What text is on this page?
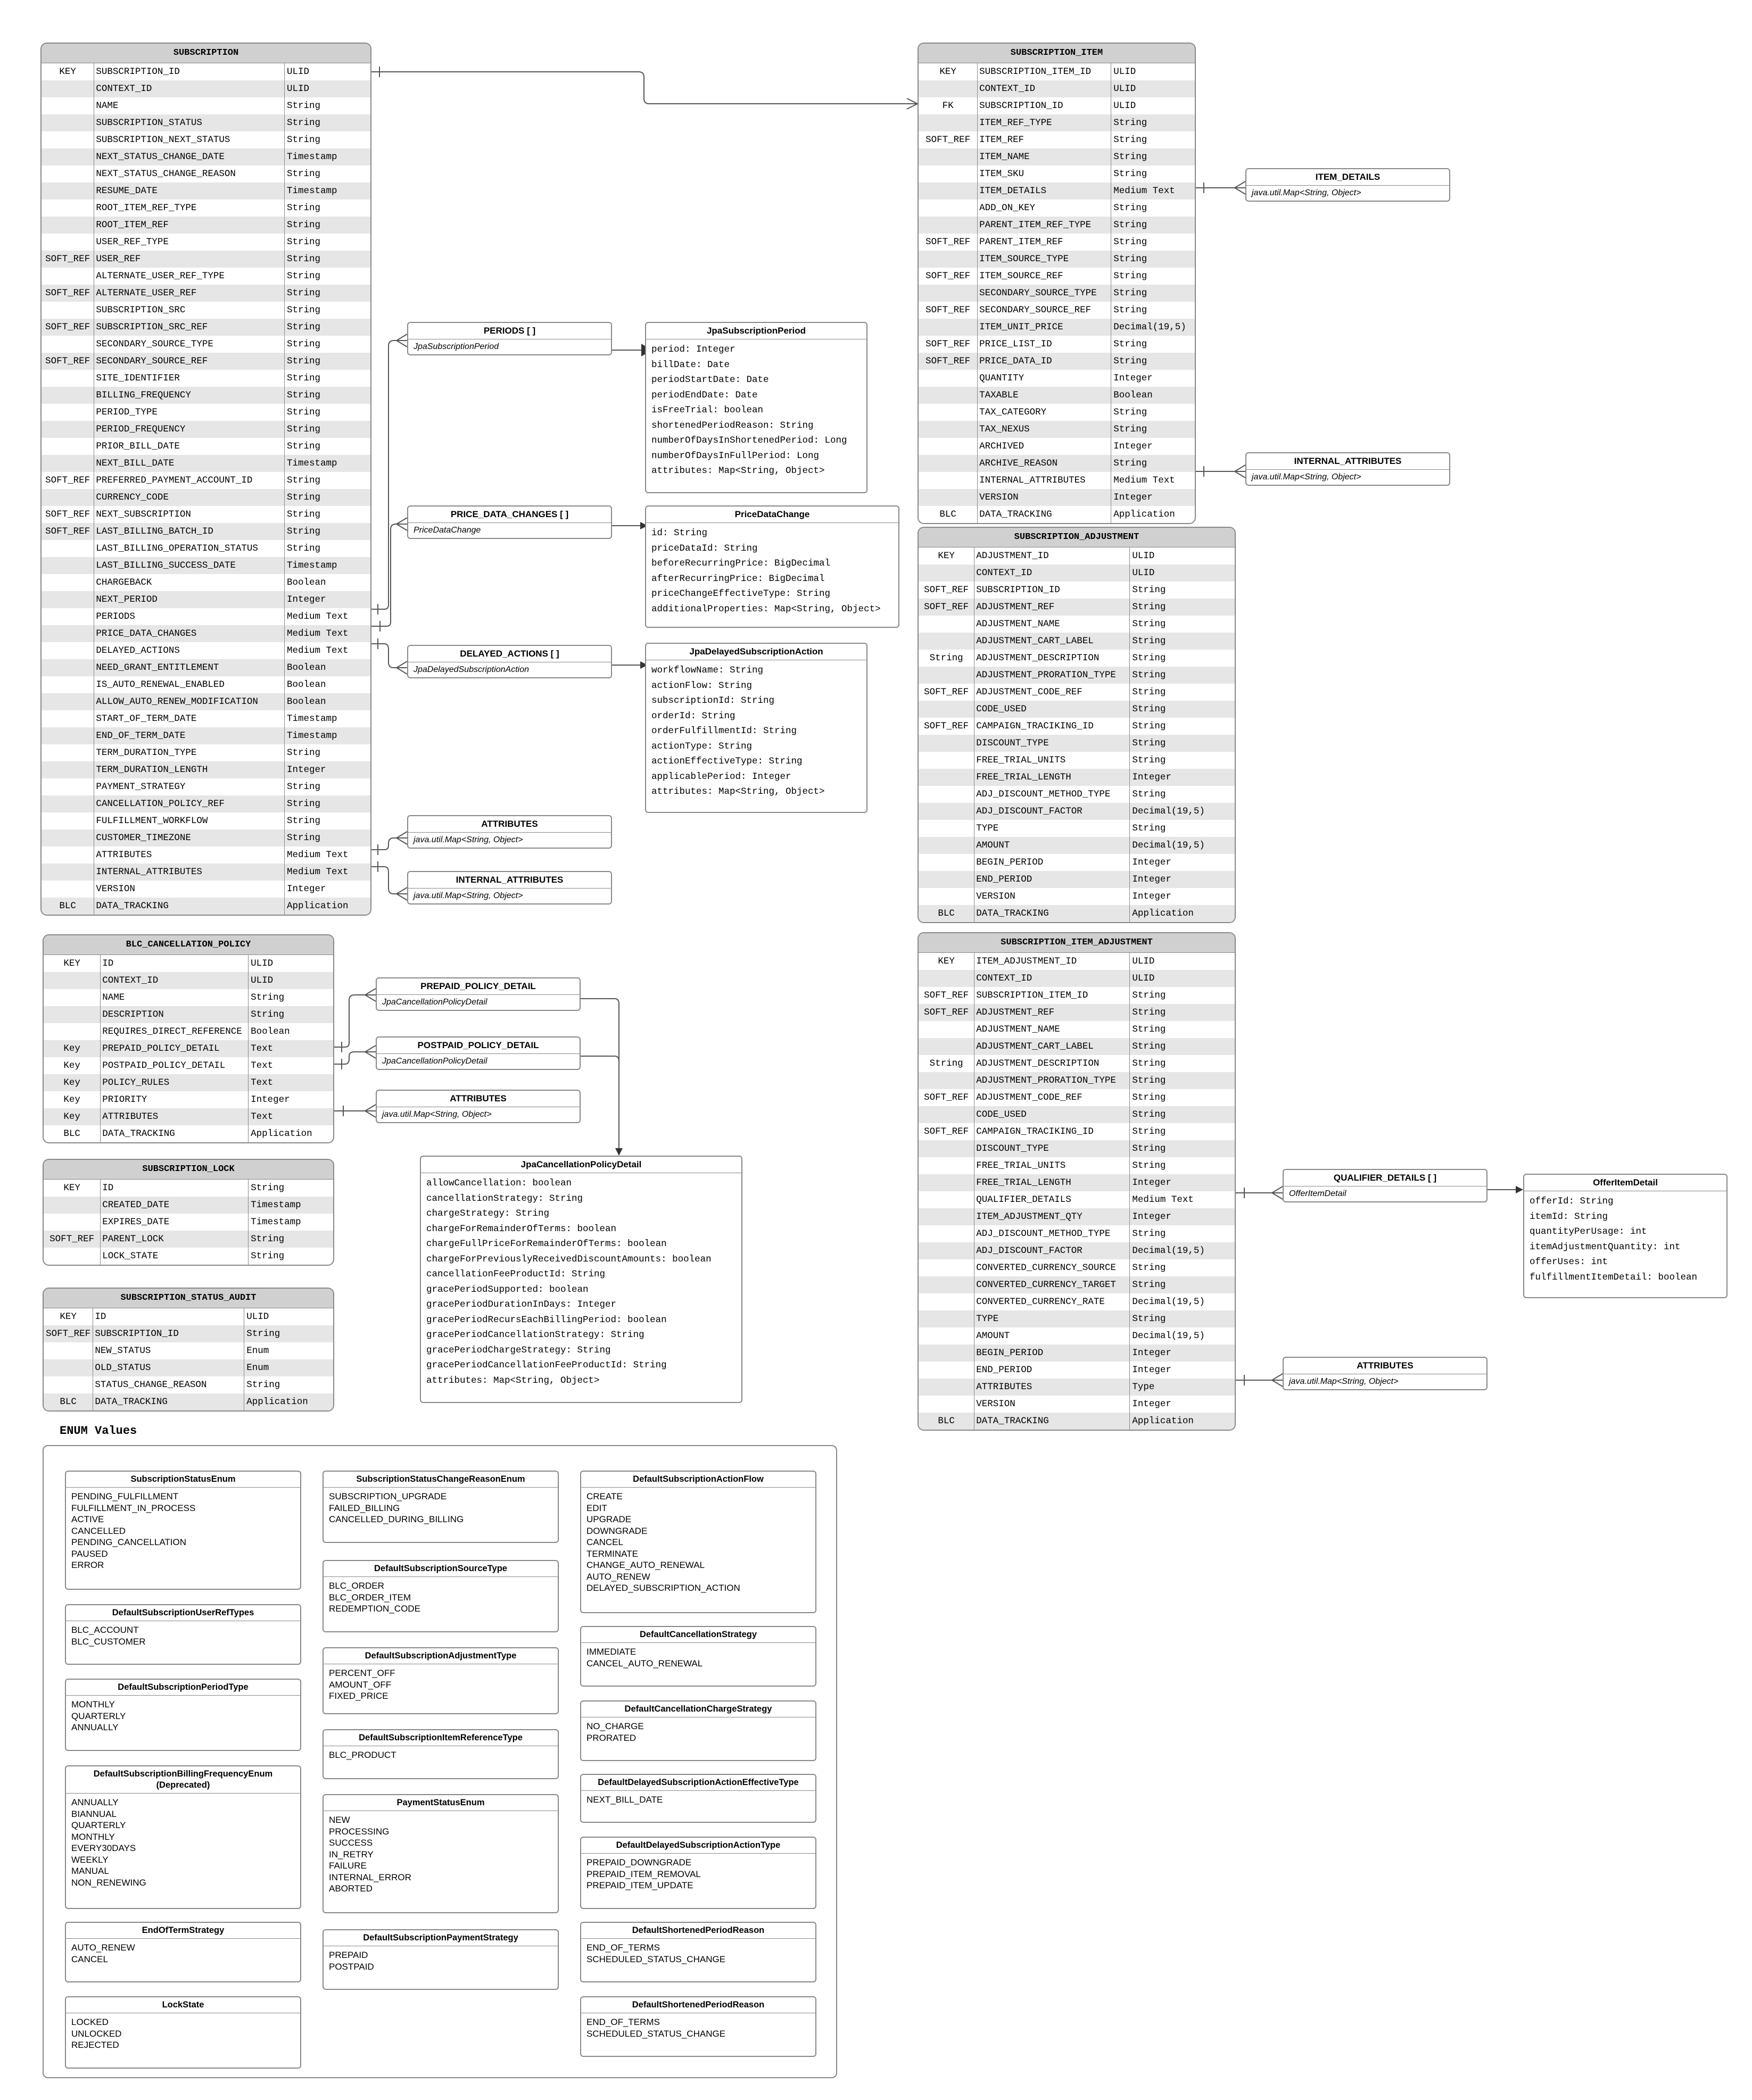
SUBSCRIPTION
KEY	SUBSCRIPTION_ID	ULID
CONTEXT_ID	ULID
NAME	String
SUBSCRIPTION_STATUS	String
SUBSCRIPTION_NEXT_STATUS	String
NEXT_STATUS_CHANGE_DATE	Timestamp
NEXT_STATUS_CHANGE_REASON	String
RESUME_DATE	Timestamp
ROOT_ITEM_REF_TYPE	String
ROOT_ITEM_REF	String
USER_REF_TYPE	String
SOFT_REF USER_REF	String
ALTERNATE_USER_REF_TYPE	String
SOFT_REF ALTERNATE_USER_REF	String
SUBSCRIPTION_SRC	String
SOFT_REF SUBSCRIPTION_SRC_REF	String
SECONDARY_SOURCE_TYPE	String
SOFT_REF SECONDARY_SOURCE_REF	String
SITE_IDENTIFIER	String
BILLING_FREQUENCY	String
PERIOD_TYPE	String
PERIOD_FREQUENCY	String
PRIOR_BILL_DATE	String
NEXT_BILL_DATE	Timestamp
SOFT_REF PREFERRED_PAYMENT_ACCOUNT_ID	String
CURRENCY_CODE	String
SOFT_REF NEXT_SUBSCRIPTION	String
SOFT_REF LAST_BILLING_BATCH_ID	String
LAST_BILLING_OPERATION_STATUS	String
LAST_BILLING_SUCCESS_DATE	Timestamp
CHARGEBACK	Boolean
NEXT_PERIOD	Integer
PERIODS	Medium Text
PRICE_DATA_CHANGES	Medium Text
DELAYED_ACTIONS	Medium Text
NEED_GRANT_ENTITLEMENT	Boolean
IS_AUTO_RENEWAL_ENABLED	Boolean
ALLOW_AUTO_RENEW_MODIFICATION	Boolean
START_OF_TERM_DATE	Timestamp
END_OF_TERM_DATE	Timestamp
TERM_DURATION_TYPE	String
TERM_DURATION_LENGTH	Integer
PAYMENT_STRATEGY	String
CANCELLATION_POLICY_REF	String
FULFILLMENT_WORKFLOW	String
CUSTOMER_TIMEZONE	String
ATTRIBUTES	Medium Text
INTERNAL_ATTRIBUTES	Medium Text
VERSION	Integer
BLC	DATA_TRACKING	Application
SUBSCRIPTION_ITEM
KEY	SUBSCRIPTION_ITEM_ID	ULID
CONTEXT_ID	ULID
FK	SUBSCRIPTION_ID	ULID
ITEM_REF_TYPE	String
SOFT_REF ITEM_REF	String
ITEM_NAME	String
ITEM_SKU	String
ITEM_DETAILS	Medium Text
ADD_ON_KEY	String
PARENT_ITEM_REF_TYPE	String
SOFT_REF PARENT_ITEM_REF	String
ITEM_SOURCE_TYPE	String
SOFT_REF ITEM_SOURCE_REF	String
SECONDARY_SOURCE_TYPE	String
SOFT_REF SECONDARY_SOURCE_REF	String
ITEM_UNIT_PRICE	Decimal(19,5)
SOFT_REF PRICE_LIST_ID	String
SOFT_REF PRICE_DATA_ID	String
QUANTITY	Integer
TAXABLE	Boolean
TAX_CATEGORY	String
TAX_NEXUS	String
ARCHIVED	Integer
ARCHIVE_REASON	String
INTERNAL_ATTRIBUTES	Medium Text
VERSION	Integer
BLC	DATA_TRACKING	Application
SUBSCRIPTION_ADJUSTMENT
KEY	ADJUSTMENT_ID	ULID
CONTEXT_ID	ULID
SOFT_REF SUBSCRIPTION_ID	String
SOFT_REF ADJUSTMENT_REF	String
ADJUSTMENT_NAME	String
ADJUSTMENT_CART_LABEL	String
String	ADJUSTMENT_DESCRIPTION	String
ADJUSTMENT_PRORATION_TYPE	String
SOFT_REF ADJUSTMENT_CODE_REF	String
CODE_USED	String
SOFT_REF CAMPAIGN_TRACIKING_ID	String
DISCOUNT_TYPE	String
FREE_TRIAL_UNITS	String
FREE_TRIAL_LENGTH	Integer
ADJ_DISCOUNT_METHOD_TYPE	String
ADJ_DISCOUNT_FACTOR	Decimal(19,5)
TYPE	String
AMOUNT	Decimal(19,5)
BEGIN_PERIOD	Integer
END_PERIOD	Integer
VERSION	Integer
BLC	DATA_TRACKING	Application
SUBSCRIPTION_ITEM_ADJUSTMENT
KEY	ITEM_ADJUSTMENT_ID	ULID
CONTEXT_ID	ULID
SOFT_REF SUBSCRIPTION_ITEM_ID	String
SOFT_REF ADJUSTMENT_REF	String
ADJUSTMENT_NAME	String
ADJUSTMENT_CART_LABEL	String
String	ADJUSTMENT_DESCRIPTION	String
ADJUSTMENT_PRORATION_TYPE	String
SOFT_REF ADJUSTMENT_CODE_REF	String
CODE_USED	String
SOFT_REF CAMPAIGN_TRACIKING_ID	String
DISCOUNT_TYPE	String
FREE_TRIAL_UNITS	String
FREE_TRIAL_LENGTH	Integer
QUALIFIER_DETAILS	Medium Text
ITEM_ADJUSTMENT_QTY	Integer
ADJ_DISCOUNT_METHOD_TYPE	String
ADJ_DISCOUNT_FACTOR	Decimal(19,5)
CONVERTED_CURRENCY_SOURCE	String
CONVERTED_CURRENCY_TARGET	String
CONVERTED_CURRENCY_RATE	Decimal(19,5)
TYPE	String
AMOUNT	Decimal(19,5)
BEGIN_PERIOD	Integer
END_PERIOD	Integer
ATTRIBUTES	Type
VERSION	Integer
BLC	DATA_TRACKING	Application
BLC_CANCELLATION_POLICY
KEY	ID	ULID
CONTEXT_ID	ULID
NAME	String
DESCRIPTION	String
REQUIRES_DIRECT_REFERENCE Boolean
Key	PREPAID_POLICY_DETAIL	Text
Key	POSTPAID_POLICY_DETAIL	Text
Key	POLICY_RULES	Text
Key	PRIORITY	Integer
Key	ATTRIBUTES	Text
BLC	DATA_TRACKING	Application
SUBSCRIPTION_LOCK
KEY	ID	String
CREATED_DATE	Timestamp
EXPIRES_DATE	Timestamp
SOFT_REF PARENT_LOCK	String
LOCK_STATE	String
SUBSCRIPTION_STATUS_AUDIT
KEY	ID	ULID
SOFT_REF SUBSCRIPTION_ID	String
NEW_STATUS	Enum
OLD_STATUS	Enum
STATUS_CHANGE_REASON	String
BLC	DATA_TRACKING	Application
PERIODS [ ]
JpaSubscriptionPeriod
PRICE_DATA_CHANGES [ ]
PriceDataChange
DELAYED_ACTIONS [ ]
JpaDelayedSubscriptionAction
ATTRIBUTES
java.util.Map<String, Object>
INTERNAL_ATTRIBUTES
java.util.Map<String, Object>
ITEM_DETAILS
java.util.Map<String, Object>
INTERNAL_ATTRIBUTES
java.util.Map<String, Object>
PREPAID_POLICY_DETAIL
JpaCancellationPolicyDetail
POSTPAID_POLICY_DETAIL
JpaCancellationPolicyDetail
ATTRIBUTES
java.util.Map<String, Object>
QUALIFIER_DETAILS [ ]
OfferItemDetail
ATTRIBUTES
java.util.Map<String, Object>
JpaSubscriptionPeriod
period: Integer
billDate: Date
periodStartDate: Date
periodEndDate: Date
isFreeTrial: boolean
shortenedPeriodReason: String
numberOfDaysInShortenedPeriod: Long
numberOfDaysInFullPeriod: Long
attributes: Map<String, Object>
PriceDataChange
id: String
priceDataId: String
beforeRecurringPrice: BigDecimal
afterRecurringPrice: BigDecimal
priceChangeEffectiveType: String
additionalProperties: Map<String, Object>
JpaDelayedSubscriptionAction
workflowName: String
actionFlow: String
subscriptionId: String
orderId: String
orderFulfillmentId: String
actionType: String
actionEffectiveType: String
applicablePeriod: Integer
attributes: Map<String, Object>
JpaCancellationPolicyDetail
allowCancellation: boolean
cancellationStrategy: String
chargeStrategy: String
chargeForRemainderOfTerms: boolean
chargeFullPriceForRemainderOfTerms: boolean
chargeForPreviouslyReceivedDiscountAmounts: boolean
cancellationFeeProductId: String
gracePeriodSupported: boolean
gracePeriodDurationInDays: Integer
gracePeriodRecursEachBillingPeriod: boolean
gracePeriodCancellationStrategy: String
gracePeriodChargeStrategy: String
gracePeriodCancellationFeeProductId: String
attributes: Map<String, Object>
OfferItemDetail
offerId: String
itemId: String
quantityPerUsage: int
itemAdjustmentQuantity: int
offerUses: int
fulfillmentItemDetail: boolean
ENUM Values
SubscriptionStatusEnum
PENDING_FULFILLMENT
FULFILLMENT_IN_PROCESS
ACTIVE
CANCELLED
PENDING_CANCELLATION
PAUSED
ERROR
DefaultSubscriptionUserRefTypes
BLC_ACCOUNT
BLC_CUSTOMER
DefaultSubscriptionPeriodType
MONTHLY
QUARTERLY
ANNUALLY
DefaultSubscriptionBillingFrequencyEnum (Deprecated)
ANNUALLY
BIANNUAL
QUARTERLY
MONTHLY
EVERY30DAYS
WEEKLY
MANUAL
NON_RENEWING
EndOfTermStrategy
AUTO_RENEW
CANCEL
LockState
LOCKED
UNLOCKED
REJECTED
SubscriptionStatusChangeReasonEnum
SUBSCRIPTION_UPGRADE
FAILED_BILLING
CANCELLED_DURING_BILLING
DefaultSubscriptionSourceType
BLC_ORDER
BLC_ORDER_ITEM
REDEMPTION_CODE
DefaultSubscriptionAdjustmentType
PERCENT_OFF
AMOUNT_OFF
FIXED_PRICE
DefaultSubscriptionItemReferenceType
BLC_PRODUCT
PaymentStatusEnum
NEW
PROCESSING
SUCCESS
IN_RETRY
FAILURE
INTERNAL_ERROR
ABORTED
DefaultSubscriptionPaymentStrategy
PREPAID
POSTPAID
DefaultSubscriptionActionFlow
CREATE
EDIT
UPGRADE
DOWNGRADE
CANCEL
TERMINATE
CHANGE_AUTO_RENEWAL
AUTO_RENEW
DELAYED_SUBSCRIPTION_ACTION
DefaultCancellationStrategy
IMMEDIATE
CANCEL_AUTO_RENEWAL
DefaultCancellationChargeStrategy
NO_CHARGE
PRORATED
DefaultDelayedSubscriptionActionEffectiveType
NEXT_BILL_DATE
DefaultDelayedSubscriptionActionType
PREPAID_DOWNGRADE
PREPAID_ITEM_REMOVAL
PREPAID_ITEM_UPDATE
DefaultShortenedPeriodReason
END_OF_TERMS
SCHEDULED_STATUS_CHANGE
DefaultShortenedPeriodReason
END_OF_TERMS
SCHEDULED_STATUS_CHANGE
